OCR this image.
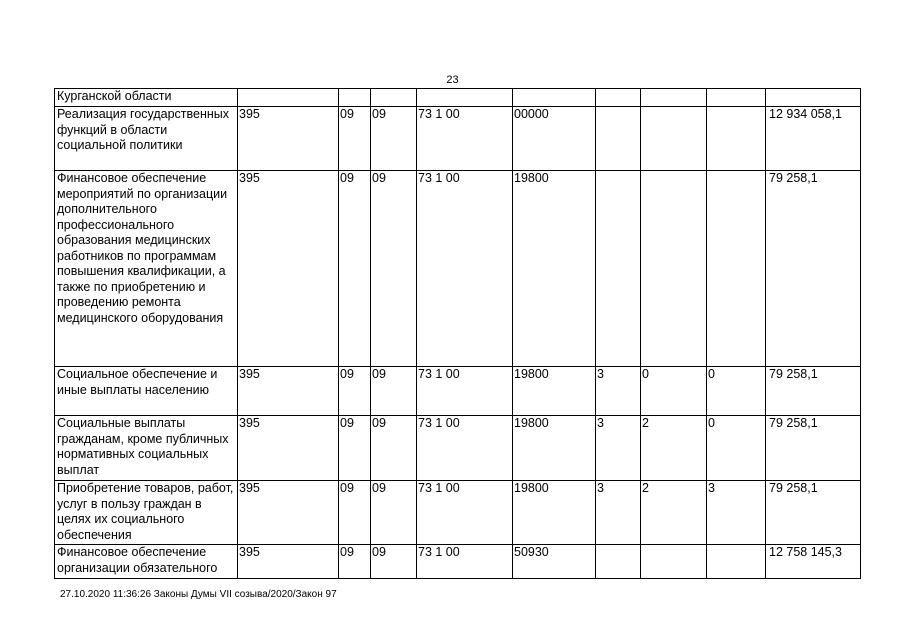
23
Курганской области									
Реализация государственных функций в области социальной политики	395	09	09	73 1 00	00000				12 934 058,1
Финансовое обеспечение мероприятий по организации дополнительного профессионального образования медицинских работников по программам повышения квалификации, а также по приобретению и проведению ремонта медицинского оборудования	395	09	09	73 1 00	19800				79 258,1
Социальное обеспечение и иные выплаты населению	395	09	09	73 1 00	19800	3	0	0	79 258,1
Социальные выплаты гражданам, кроме публичных нормативных социальных выплат	395	09	09	73 1 00	19800	3	2	0	79 258,1
Приобретение товаров, работ, услуг в пользу граждан в целях их социального обеспечения	395	09	09	73 1 00	19800	3	2	3	79 258,1
Финансовое обеспечение организации обязательного	395	09	09	73 1 00	50930				12 758 145,3
27.10.2020 11:36:26 Законы Думы VII созыва/2020/Закон 97
